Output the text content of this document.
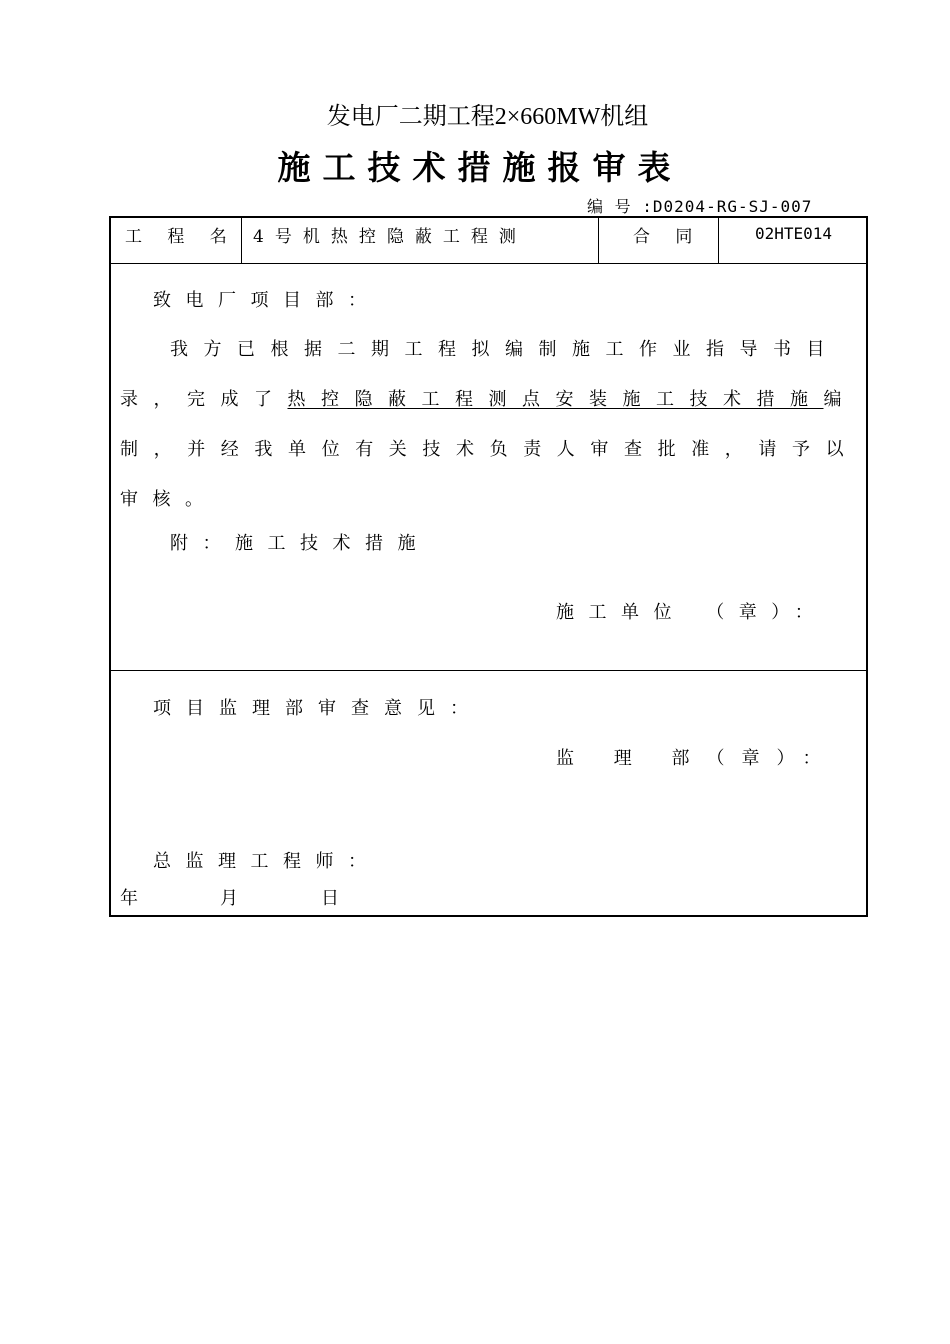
发电厂二期工程2×660MW机组
施工技术措施报审表
编 号 :D0204-RG-SJ-007
工 程 名 4号机热控隐蔽工程测	合 同	02HTE014
致电厂项目部：
我方已根据二期工程拟编制施工作业指导书目
录，完成了热控隐蔽工程测点安装施工技术措施编
制，并经我单位有关技术负责人审查批准，请予以
审核。
附：施工技术措施
施工单位 （章）：
项目监理部审查意见：
监 理 部（章）：
总监理工程师：
年	月	日
